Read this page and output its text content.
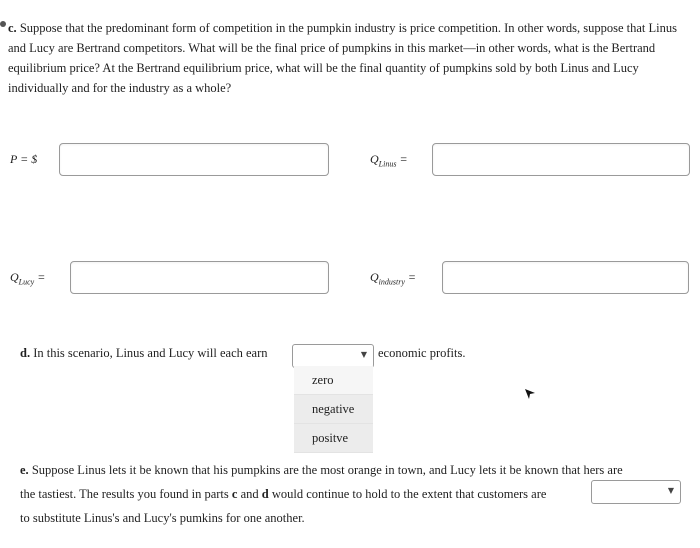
c. Suppose that the predominant form of competition in the pumpkin industry is price competition. In other words, suppose that Linus and Lucy are Bertrand competitors. What will be the final price of pumpkins in this market—in other words, what is the Bertrand equilibrium price? At the Bertrand equilibrium price, what will be the final quantity of pumpkins sold by both Linus and Lucy individually and for the industry as a whole?
P = $	$Q_{Linus}$ =
$Q_{Lucy}$ =	$Q_{industry}$ =
d. In this scenario, Linus and Lucy will each earn	▼ economic profits.
zero
negative
positve
e. Suppose Linus lets it be known that his pumpkins are the most orange in town, and Lucy lets it be known that hers are
the tastiest. The results you found in parts c and d would continue to hold to the extent that customers are
to substitute Linus's and Lucy's pumkins for one another.
▼
